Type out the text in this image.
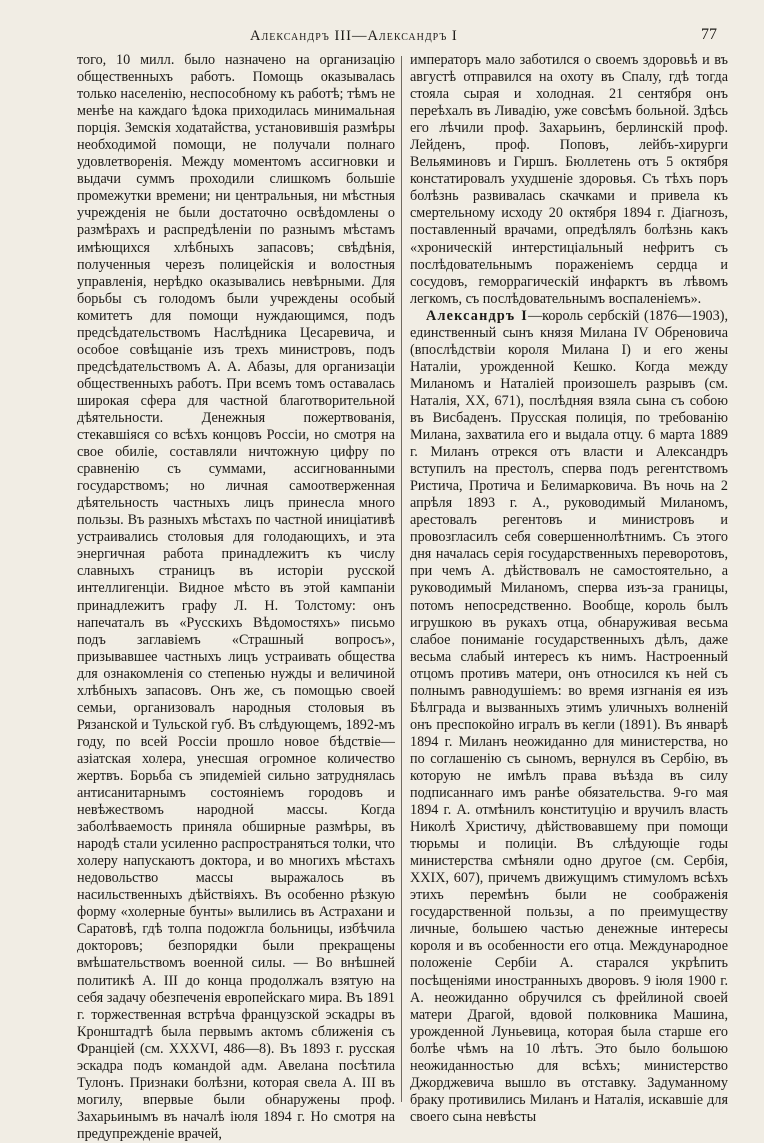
Александръ III—Александръ I	77

того, 10 милл. было назначено на организацію общественныхъ работъ. Помощь оказывалась только населенію, неспособному къ работѣ; тѣмъ не менѣе на каждаго ѣдока приходилась минимальная порція. Земскія ходатайства, установившія размѣры необходимой помощи, не получали полнаго удовлетворенія. Между моментомъ ассигновки и выдачи суммъ проходили слишкомъ большіе промежутки времени; ни центральныя, ни мѣстныя учрежденія не были достаточно освѣдомлены о размѣрахъ и распредѣленіи по разнымъ мѣстамъ имѣющихся хлѣбныхъ запасовъ; свѣдѣнія, полученныя черезъ полицейскія и волостныя управленія, нерѣдко оказывались невѣрными. Для борьбы съ голодомъ были учреждены особый комитетъ для помощи нуждающимся, подъ предсѣдательствомъ Наслѣдника Цесаревича, и особое совѣщаніе изъ трехъ министровъ, подъ предсѣдательствомъ А. А. Абазы, для организаціи общественныхъ работъ. При всемъ томъ оставалась широкая сфера для частной благотворительной дѣятельности. Денежныя пожертвованія, стекавшіяся со всѣхъ концовъ Россіи, но смотря на свое обиліе, составляли ничтожную цифру по сравненію съ суммами, ассигнованными государствомъ; но личная самоотверженная дѣятельность частныхъ лицъ принесла много пользы. Въ разныхъ мѣстахъ по частной иниціативѣ устраивались столовыя для голодающихъ, и эта энергичная работа принадлежитъ къ числу славныхъ страницъ въ исторіи русской интеллигенціи. Видное мѣсто въ этой кампаніи принадлежитъ графу Л. Н. Толстому: онъ напечаталъ въ «Русскихъ Вѣдомостяхъ» письмо подъ заглавіемъ «Страшный вопросъ», призывавшее частныхъ лицъ устраивать общества для ознакомленія со степенью нужды и величиной хлѣбныхъ запасовъ. Онъ же, съ помощью своей семьи, организовалъ народныя столовыя въ Рязанской и Тульской губ. Въ слѣдующемъ, 1892-мъ году, по всей Россіи прошло новое бѣдствіе—азіатская холера, унесшая огромное количество жертвъ. Борьба съ эпидеміей сильно затруднялась антисанитарнымъ состояніемъ городовъ и невѣжествомъ народной массы. Когда заболѣваемость приняла обширные размѣры, въ народѣ стали усиленно распространяться толки, что холеру напускаютъ доктора, и во многихъ мѣстахъ недовольство массы выражалось въ насильственныхъ дѣйствіяхъ. Въ особенно рѣзкую форму «холерные бунты» вылились въ Астрахани и Саратовѣ, гдѣ толпа подожгла больницы, избѣчила докторовъ; безпорядки были прекращены вмѣшательствомъ военной силы. — Во внѣшней политикѣ А. III до конца продолжалъ взятую на себя задачу обезпеченія европейскаго мира. Въ 1891 г. торжественная встрѣча французской эскадры въ Кронштадтѣ была первымъ актомъ сближенія съ Франціей (см. XXXVI, 486—8). Въ 1893 г. русская эскадра подъ командой адм. Авелана посѣтила Тулонъ. Признаки болѣзни, которая свела А. III въ могилу, впервые были обнаружены проф. Захарьинымъ въ началѣ іюля 1894 г. Но смотря на предупрежденіе врачей,

императоръ мало заботился о своемъ здоровьѣ и въ августѣ отправился на охоту въ Спалу, гдѣ тогда стояла сырая и холодная. 21 сентября онъ переѣхалъ въ Ливадію, уже совсѣмъ больной. Здѣсь его лѣчили проф. Захарьинъ, берлинскій проф. Лейденъ, проф. Поповъ, лейбъ-хирурги Вельяминовъ и Гиршъ. Бюллетень отъ 5 октября констатировалъ ухудшеніе здоровья. Съ тѣхъ поръ болѣзнь развивалась скачками и привела къ смертельному исходу 20 октября 1894 г. Діагнозъ, поставленный врачами, опредѣлялъ болѣзнь какъ «хроническій интерстиціальный нефритъ съ послѣдовательнымъ пораженіемъ сердца и сосудовъ, геморрагическій инфарктъ въ лѣвомъ легкомъ, съ послѣдовательнымъ воспаленіемъ».

Александръ I—король сербскій (1876—1903), единственный сынъ князя Милана IV Обреновича (впослѣдствіи короля Милана I) и его жены Наталіи, урожденной Кешко. Когда между Миланомъ и Наталіей произошелъ разрывъ (см. Наталія, XX, 671), послѣдняя взяла сына съ собою въ Висбаденъ. Прусская полиція, по требованію Милана, захватила его и выдала отцу. 6 марта 1889 г. Миланъ отрекся отъ власти и Александръ вступилъ на престолъ, сперва подъ регентствомъ Ристича, Протича и Белимарковича. Въ ночь на 2 апрѣля 1893 г. А., руководимый Миланомъ, арестовалъ регентовъ и министровъ и провозгласилъ себя совершеннолѣтнимъ. Съ этого дня началась серія государственныхъ переворотовъ, при чемъ А. дѣйствовалъ не самостоятельно, а руководимый Миланомъ, сперва изъ-за границы, потомъ непосредственно. Вообще, король былъ игрушкою въ рукахъ отца, обнаруживая весьма слабое пониманіе государственныхъ дѣлъ, даже весьма слабый интересъ къ нимъ. Настроенный отцомъ противъ матери, онъ относился къ ней съ полнымъ равнодушіемъ: во время изгнанія ея изъ Бѣлграда и вызванныхъ этимъ уличныхъ волненій онъ преспокойно игралъ въ кегли (1891). Въ январѣ 1894 г. Миланъ неожиданно для министерства, но по соглашенію съ сыномъ, вернулся въ Сербію, въ которую не имѣлъ права въѣзда въ силу подписаннаго имъ ранѣе обязательства. 9-го мая 1894 г. А. отмѣнилъ конституцію и вручилъ власть Николѣ Христичу, дѣйствовавшему при помощи тюрьмы и полиціи. Въ слѣдующіе годы министерства смѣняли одно другое (см. Сербія, XXIX, 607), причемъ движущимъ стимуломъ всѣхъ этихъ перемѣнъ были не соображенія государственной пользы, а по преимуществу личные, большею частью денежные интересы короля и въ особенности его отца. Международное положеніе Сербіи А. старался укрѣпить посѣщеніями иностранныхъ дворовъ. 9 іюля 1900 г. А. неожиданно обручился съ фрейлиной своей матери Драгой, вдовой полковника Машина, урожденной Луньевица, которая была старше его болѣе чѣмъ на 10 лѣтъ. Это было большою неожиданностью для всѣхъ; министерство Джорджевича вышло въ отставку. Задуманному браку противились Миланъ и Наталія, искавшіе для своего сына невѣсты
